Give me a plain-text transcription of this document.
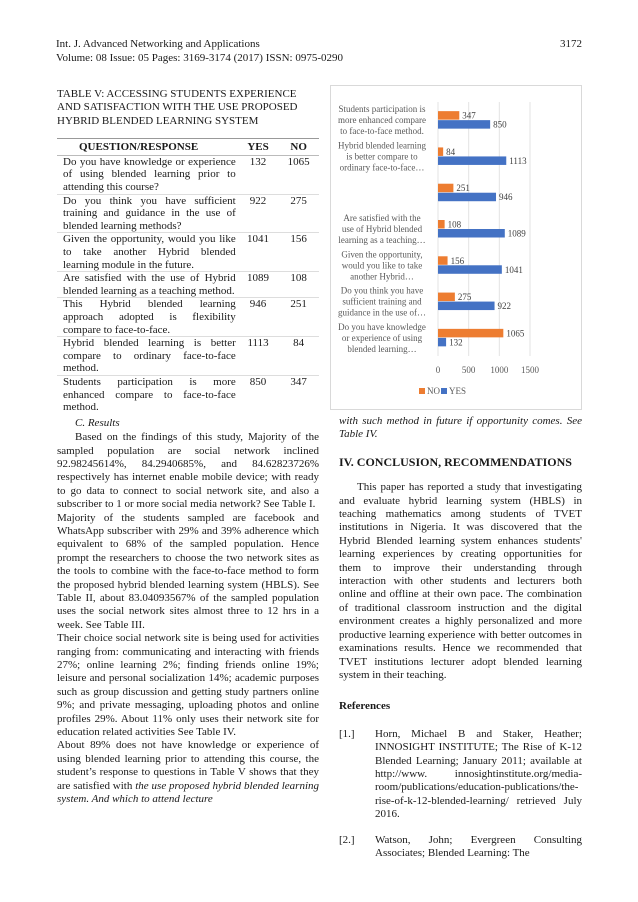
Int. J. Advanced Networking and Applications
Volume: 08 Issue: 05 Pages: 3169-3174 (2017) ISSN: 0975-0290
3172
TABLE V: ACCESSING STUDENTS EXPERIENCE AND SATISFACTION WITH THE USE PROPOSED HYBRID BLENDED LEARNING SYSTEM
QUESTION/RESPONSE	YES	NO
Do you have knowledge or experience of using blended learning prior to attending this course?	132	1065
Do you think you have sufficient training and guidance in the use of blended learning methods?	922	275
Given the opportunity, would you like to take another Hybrid blended learning module in the future.	1041	156
Are satisfied with the use of Hybrid blended learning as a teaching method.	1089	108
This Hybrid blended learning approach adopted is flexibility compare to face-to-face.	946	251
Hybrid blended learning is better compare to ordinary face-to-face method.	1113	84
Students participation is more enhanced compare to face-to-face method.	850	347
C. Results

Based on the findings of this study, Majority of the sampled population are social network inclined 92.98245614%, 84.2940685%, and 84.62823726% respectively has internet enable mobile device; with ready to go data to connect to social network site, and also a subscriber to 1 or more social media network? See Table I.

Majority of the students sampled are facebook and WhatsApp subscriber with 29% and 39% adherence which equivalent to 68% of the sampled population. Hence prompt the researchers to choose the two network sites as the tools to combine with the face-to-face method to form the proposed hybrid blended learning system (HBLS). See Table II, about 83.04093567% of the sampled population uses the social network sites almost three to 12 hrs in a week. See Table III.

Their choice social network site is being used for activities ranging from: communicating and interacting with friends 27%; online learning 2%; finding friends online 19%; leisure and personal socialization 14%; academic purposes such as group discussion and getting study partners online 9%; and private messaging, uploading photos and online profiles 29%. About 11% only uses their network site for education related activities See Table IV.

About 89% does not have knowledge or experience of using blended learning prior to attending this course, the student’s response to questions in Table V shows that they are satisfied with the use proposed hybrid blended learning system. And which to attend lecture

0 500 1000 1500
1065
132
Do you have knowledge
or experience of using
blended learning…
275
922
Do you think you have
sufficient training and
guidance in the use of…
156
1041
Given the opportunity,
would you like to take
another Hybrid…
108
1089
Are satisfied with the
use of Hybrid blended
learning as a teaching…
251
946
84
1113
Hybrid blended learning
is better compare to
ordinary face-to-face…
347
850
Students participation is
more enhanced compare
to face-to-face method.
NO YES

with such method in future if opportunity comes. See Table IV.

IV. CONCLUSION, RECOMMENDATIONS

This paper has reported a study that investigating and evaluate hybrid learning system (HBLS) in teaching mathematics among students of TVET institutions in Nigeria. It was discovered that the Hybrid Blended learning system enhances students' learning experiences by creating opportunities for them to improve their understanding through interaction with other students and lecturers both online and offline at their own pace. The combination of traditional classroom instruction and the digital environment creates a highly personalized and more productive learning experience with better outcomes in examinations results. Hence we recommended that TVET institutions lecturer adopt blended learning system in their teaching.

References
[1.]	Horn, Michael B and Staker, Heather; INNOSIGHT INSTITUTE; The Rise of K-12 Blended Learning; January 2011; available at http://www. innosightinstitute.org/media-room/publications/education-publications/the-rise-of-k-12-blended-learning/ retrieved July 2016.
[2.]	Watson, John; Evergreen Consulting Associates; Blended Learning: The
